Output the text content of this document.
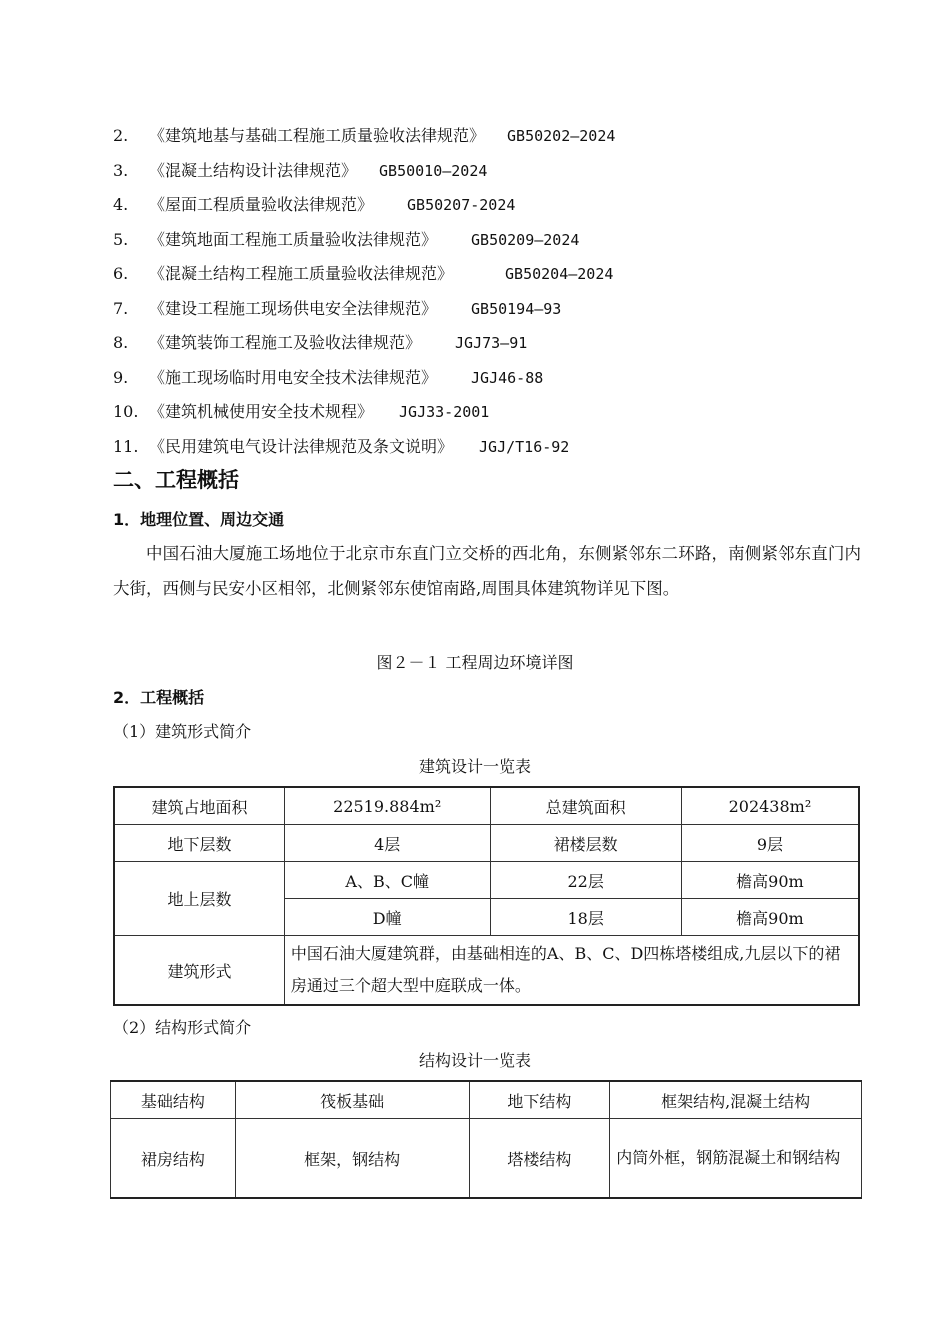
2. 《建筑地基与基础工程施工质量验收法律规范》 GB50202—2024
3. 《混凝土结构设计法律规范》 GB50010—2024
4. 《屋面工程质量验收法律规范》 GB50207-2024
5. 《建筑地面工程施工质量验收法律规范》 GB50209—2024
6. 《混凝土结构工程施工质量验收法律规范》	GB50204—2024
7. 《建设工程施工现场供电安全法律规范》 GB50194—93
8. 《建筑装饰工程施工及验收法律规范》 JGJ73—91
9. 《施工现场临时用电安全技术法律规范》 JGJ46-88
10. 《建筑机械使用安全技术规程》 JGJ33-2001
11. 《民用建筑电气设计法律规范及条文说明》 JGJ/T16-92
二、工程概括
1．地理位置、周边交通
中国石油大厦施工场地位于北京市东直门立交桥的西北角，东侧紧邻东二环路，南侧紧邻东直门内大街，西侧与民安小区相邻，北侧紧邻东使馆南路,周围具体建筑物详见下图。
图２－１ 工程周边环境详图
2．工程概括
（1）建筑形式简介
建筑设计一览表
建筑占地面积	22519.884m²	总建筑面积	202438m²
地下层数	4层	裙楼层数	9层
地上层数	A、B、C幢	22层	檐高90m
	D幢	18层	檐高90m
建筑形式	中国石油大厦建筑群，由基础相连的A、B、C、D四栋塔楼组成,九层以下的裙房通过三个超大型中庭联成一体。		
（2）结构形式简介
结构设计一览表
基础结构	筏板基础	地下结构	框架结构,混凝土结构
裙房结构	框架，钢结构	塔楼结构	内筒外框，钢筋混凝土和钢结构
